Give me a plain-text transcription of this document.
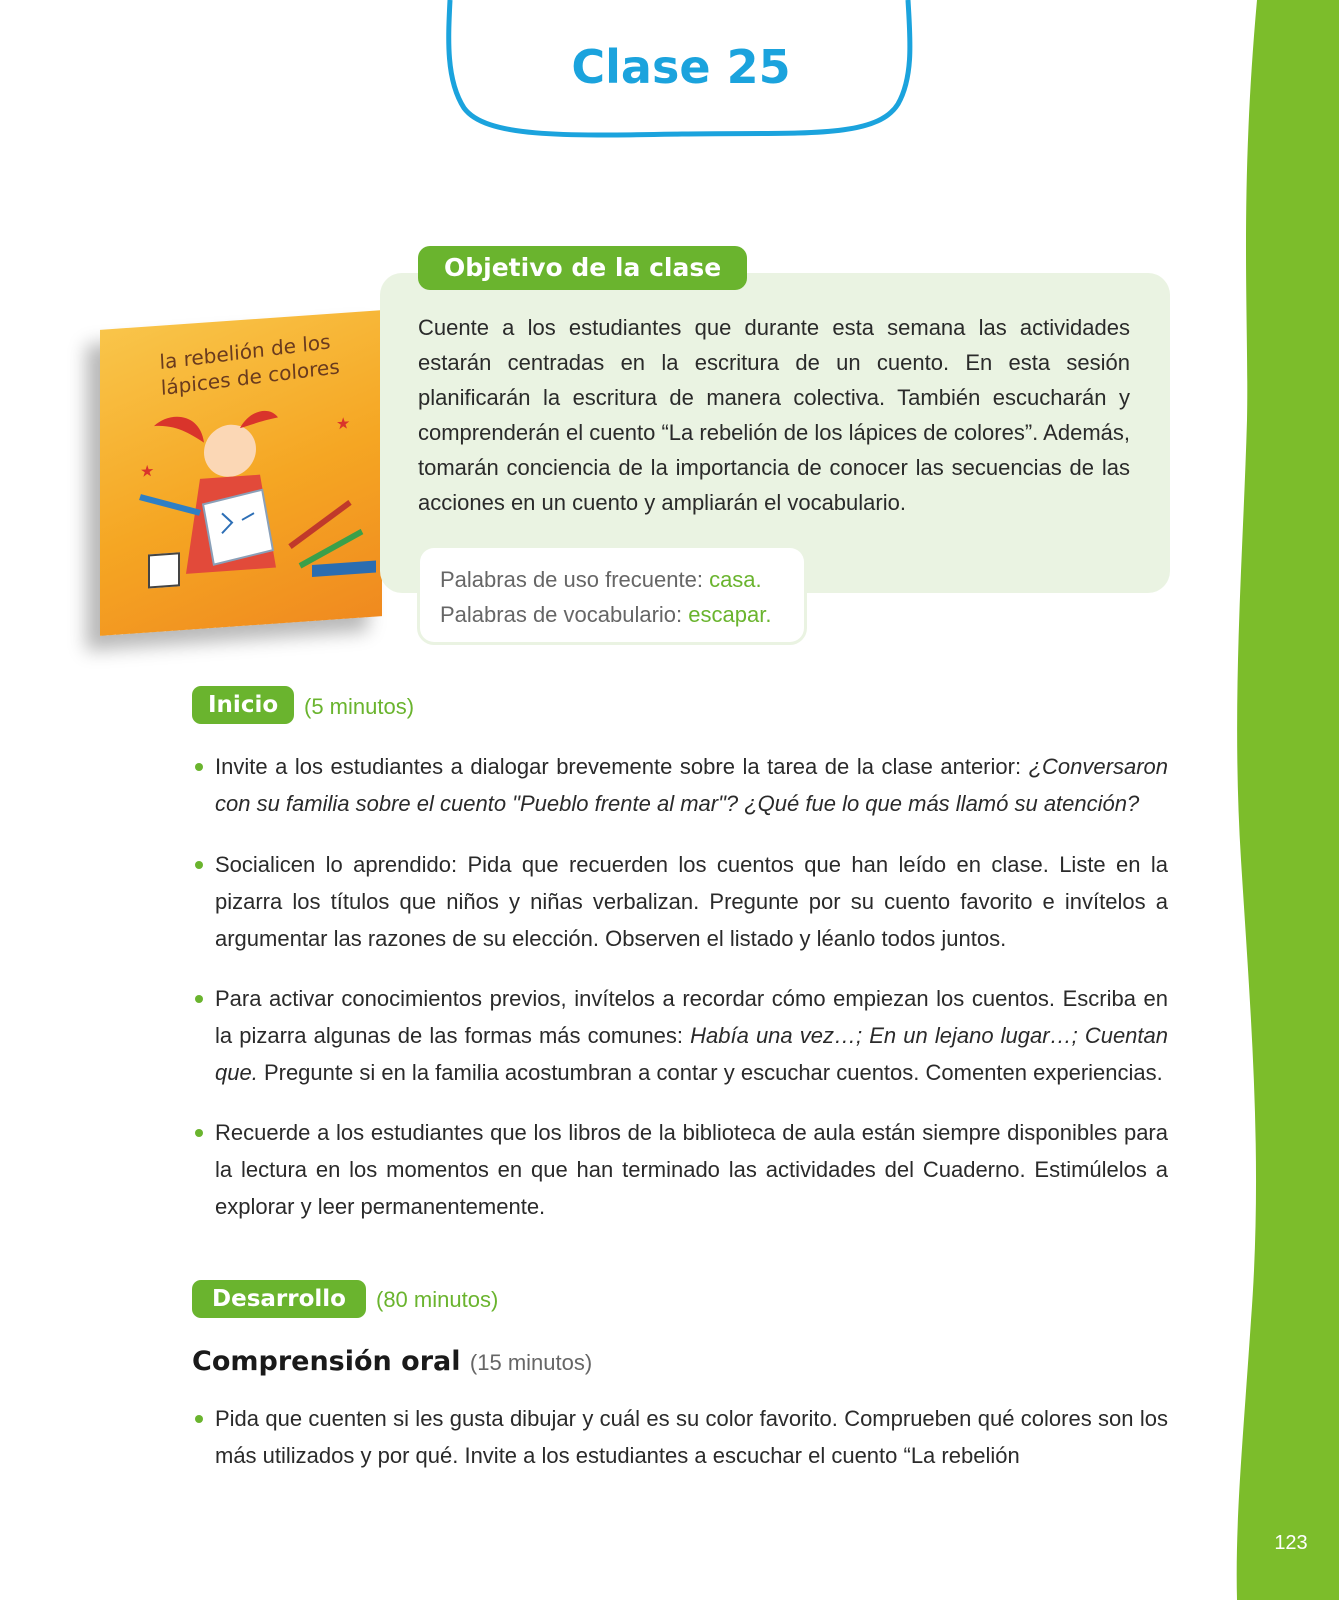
123
Clase 25
la rebelión de los lápices de colores
★
★
Objetivo de la clase

Cuente a los estudiantes que durante esta semana las actividades estarán centradas en la escritura de un cuento. En esta sesión planificarán la escritura de manera colectiva. También escucharán y comprenderán el cuento “La rebelión de los lápices de colores”. Además, tomarán conciencia de la importancia de conocer las secuencias de las acciones en un cuento y ampliarán el vocabulario.

Palabras de uso frecuente: casa.
Palabras de vocabulario: escapar.
Inicio	(5 minutos)

Invite a los estudiantes a dialogar brevemente sobre la tarea de la clase anterior: ¿Conversaron con su familia sobre el cuento "Pueblo frente al mar"? ¿Qué fue lo que más llamó su atención?

Socialicen lo aprendido: Pida que recuerden los cuentos que han leído en clase. Liste en la pizarra los títulos que niños y niñas verbalizan. Pregunte por su cuento favorito e invítelos a argumentar las razones de su elección. Observen el listado y léanlo todos juntos.

Para activar conocimientos previos, invítelos a recordar cómo empiezan los cuentos. Escriba en la pizarra algunas de las formas más comunes: Había una vez…; En un lejano lugar…; Cuentan que. Pregunte si en la familia acostumbran a contar y escuchar cuentos. Comenten experiencias.

Recuerde a los estudiantes que los libros de la biblioteca de aula están siempre disponibles para la lectura en los momentos en que han terminado las actividades del Cuaderno. Estimúlelos a explorar y leer permanentemente.

Desarrollo	(80 minutos)
Comprensión oral (15 minutos)

Pida que cuenten si les gusta dibujar y cuál es su color favorito. Comprueben qué colores son los más utilizados y por qué. Invite a los estudiantes a escuchar el cuento “La rebelión
